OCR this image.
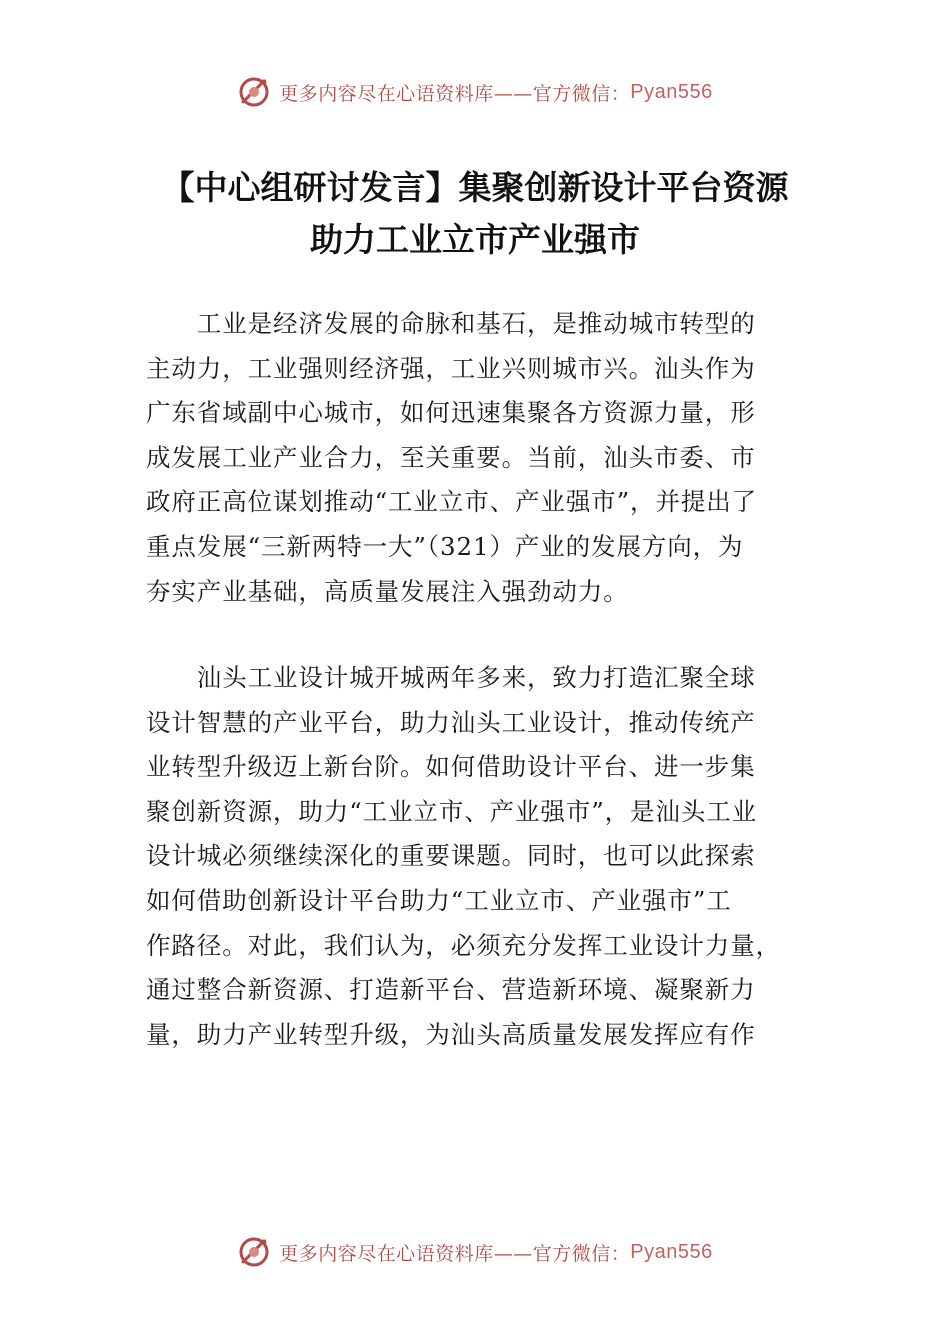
更多内容尽在心语资料库——官方微信： Pyan556
【中心组研讨发言】集聚创新设计平台资源
助力工业立市产业强市
　　工业是经济发展的命脉和基石，是推动城市转型的
主动力，工业强则经济强，工业兴则城市兴。汕头作为
广东省域副中心城市，如何迅速集聚各方资源力量，形
成发展工业产业合力，至关重要。当前，汕头市委、市
政府正高位谋划推动“工业立市、产业强市”，并提出了
重点发展“三新两特一大”（321）产业的发展方向，为
夯实产业基础，高质量发展注入强劲动力。
　　汕头工业设计城开城两年多来，致力打造汇聚全球
设计智慧的产业平台，助力汕头工业设计，推动传统产
业转型升级迈上新台阶。如何借助设计平台、进一步集
聚创新资源，助力“工业立市、产业强市”，是汕头工业
设计城必须继续深化的重要课题。同时，也可以此探索
如何借助创新设计平台助力“工业立市、产业强市”工
作路径。对此，我们认为，必须充分发挥工业设计力量，
通过整合新资源、打造新平台、营造新环境、凝聚新力
量，助力产业转型升级，为汕头高质量发展发挥应有作
更多内容尽在心语资料库——官方微信： Pyan556
